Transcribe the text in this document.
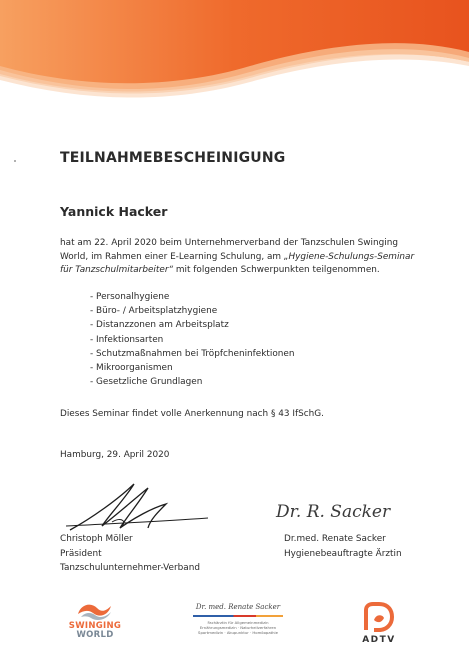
TEILNAHMEBESCHEINIGUNG
Yannick Hacker
hat am 22. April 2020 beim Unternehmerverband der Tanzschulen Swinging World, im Rahmen einer E-Learning Schulung, am „Hygiene-Schulungs-Seminar für Tanzschulmitarbeiter“ mit folgenden Schwerpunkten teilgenommen.
- Personalhygiene
- Büro- / Arbeitsplatzhygiene
- Distanzzonen am Arbeitsplatz
- Infektionsarten
- Schutzmaßnahmen bei Tröpfcheninfektionen
- Mikroorganismen
- Gesetzliche Grundlagen
Dieses Seminar findet volle Anerkennung nach § 43 IfSchG.
Hamburg, 29. April 2020
Christoph Möller
Präsident
Tanzschulunternehmer-Verband
Dr. R. Sacker
Dr.med. Renate Sacker
Hygienebeauftragte Ärztin
SWINGING
WORLD
Dr. med. Renate Sacker
Fachärztin für Allgemeinmedizin
Ernährungsmedizin · Naturheilverfahren
Sportmedizin · Akupunktur · Homöopathie
ADTV
